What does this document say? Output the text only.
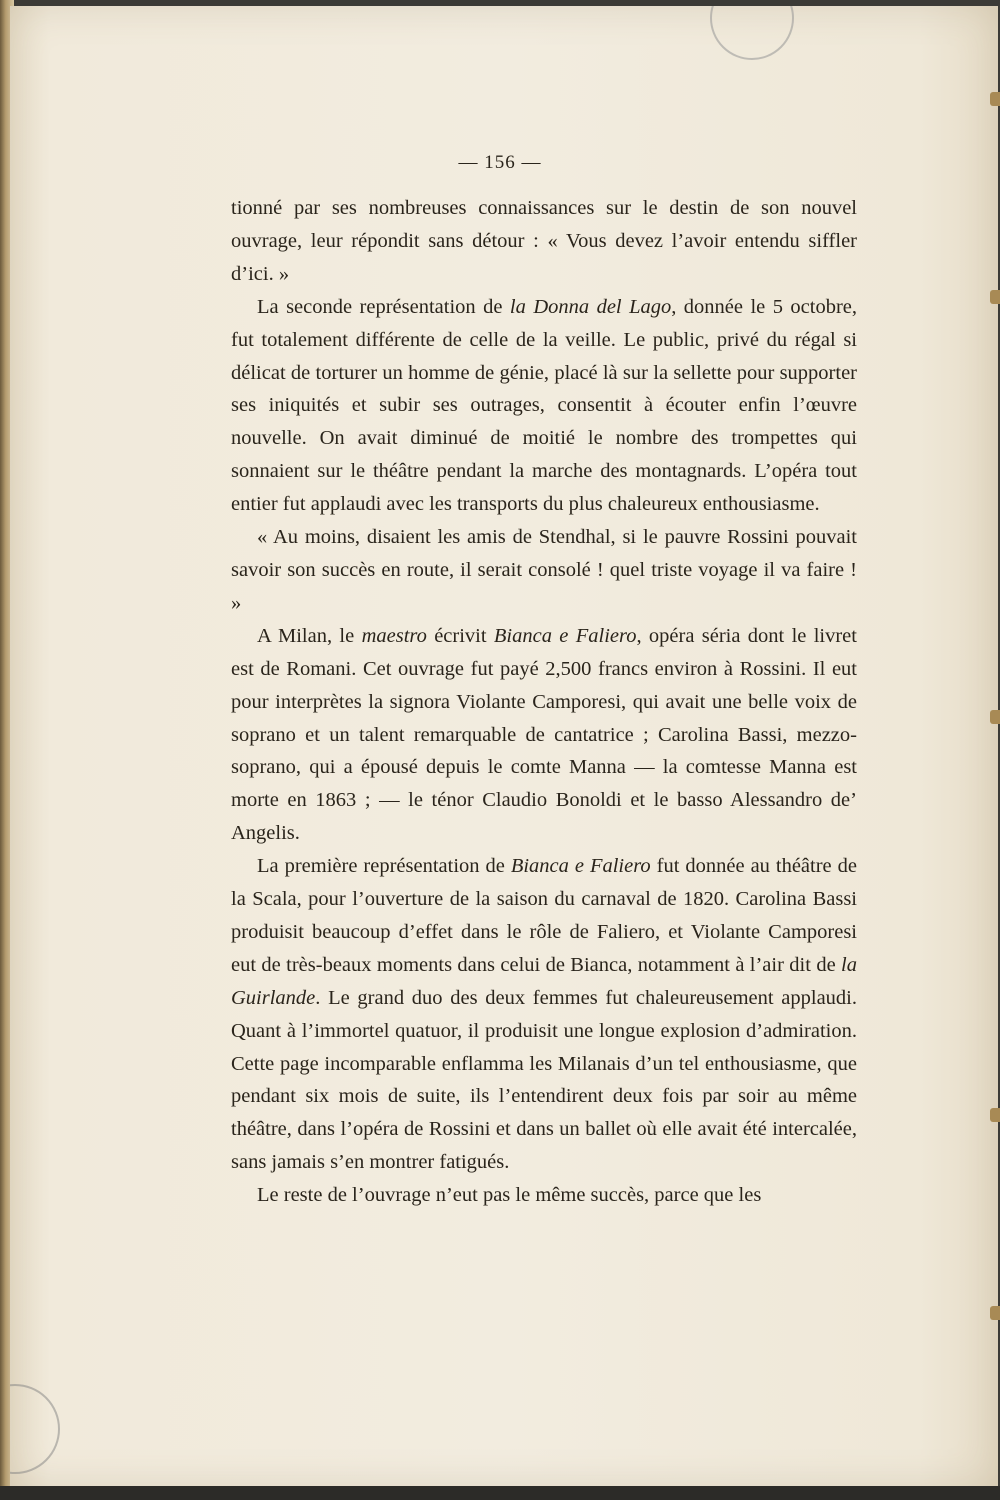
— 156 —

tionné par ses nombreuses connaissances sur le destin de son nouvel ouvrage, leur répondit sans détour : « Vous devez l’avoir entendu siffler d’ici. »

La seconde représentation de la Donna del Lago, donnée le 5 octobre, fut totalement différente de celle de la veille. Le public, privé du régal si délicat de torturer un homme de génie, placé là sur la sellette pour supporter ses iniquités et subir ses outrages, consentit à écouter enfin l’œuvre nouvelle. On avait diminué de moitié le nombre des trompettes qui sonnaient sur le théâtre pendant la marche des montagnards. L’opéra tout entier fut applaudi avec les transports du plus chaleureux enthousiasme.

« Au moins, disaient les amis de Stendhal, si le pauvre Rossini pouvait savoir son succès en route, il serait consolé ! quel triste voyage il va faire ! »

A Milan, le maestro écrivit Bianca e Faliero, opéra séria dont le livret est de Romani. Cet ouvrage fut payé 2,500 francs environ à Rossini. Il eut pour interprètes la signora Violante Camporesi, qui avait une belle voix de soprano et un talent remarquable de cantatrice ; Carolina Bassi, mezzo-soprano, qui a épousé depuis le comte Manna — la comtesse Manna est morte en 1863 ; — le ténor Claudio Bonoldi et le basso Alessandro de’ Angelis.

La première représentation de Bianca e Faliero fut donnée au théâtre de la Scala, pour l’ouverture de la saison du carnaval de 1820. Carolina Bassi produisit beaucoup d’effet dans le rôle de Faliero, et Violante Camporesi eut de très-beaux moments dans celui de Bianca, notamment à l’air dit de la Guirlande. Le grand duo des deux femmes fut chaleureusement applaudi. Quant à l’immortel quatuor, il produisit une longue explosion d’admiration. Cette page incomparable enflamma les Milanais d’un tel enthousiasme, que pendant six mois de suite, ils l’entendirent deux fois par soir au même théâtre, dans l’opéra de Rossini et dans un ballet où elle avait été intercalée, sans jamais s’en montrer fatigués.

Le reste de l’ouvrage n’eut pas le même succès, parce que les
